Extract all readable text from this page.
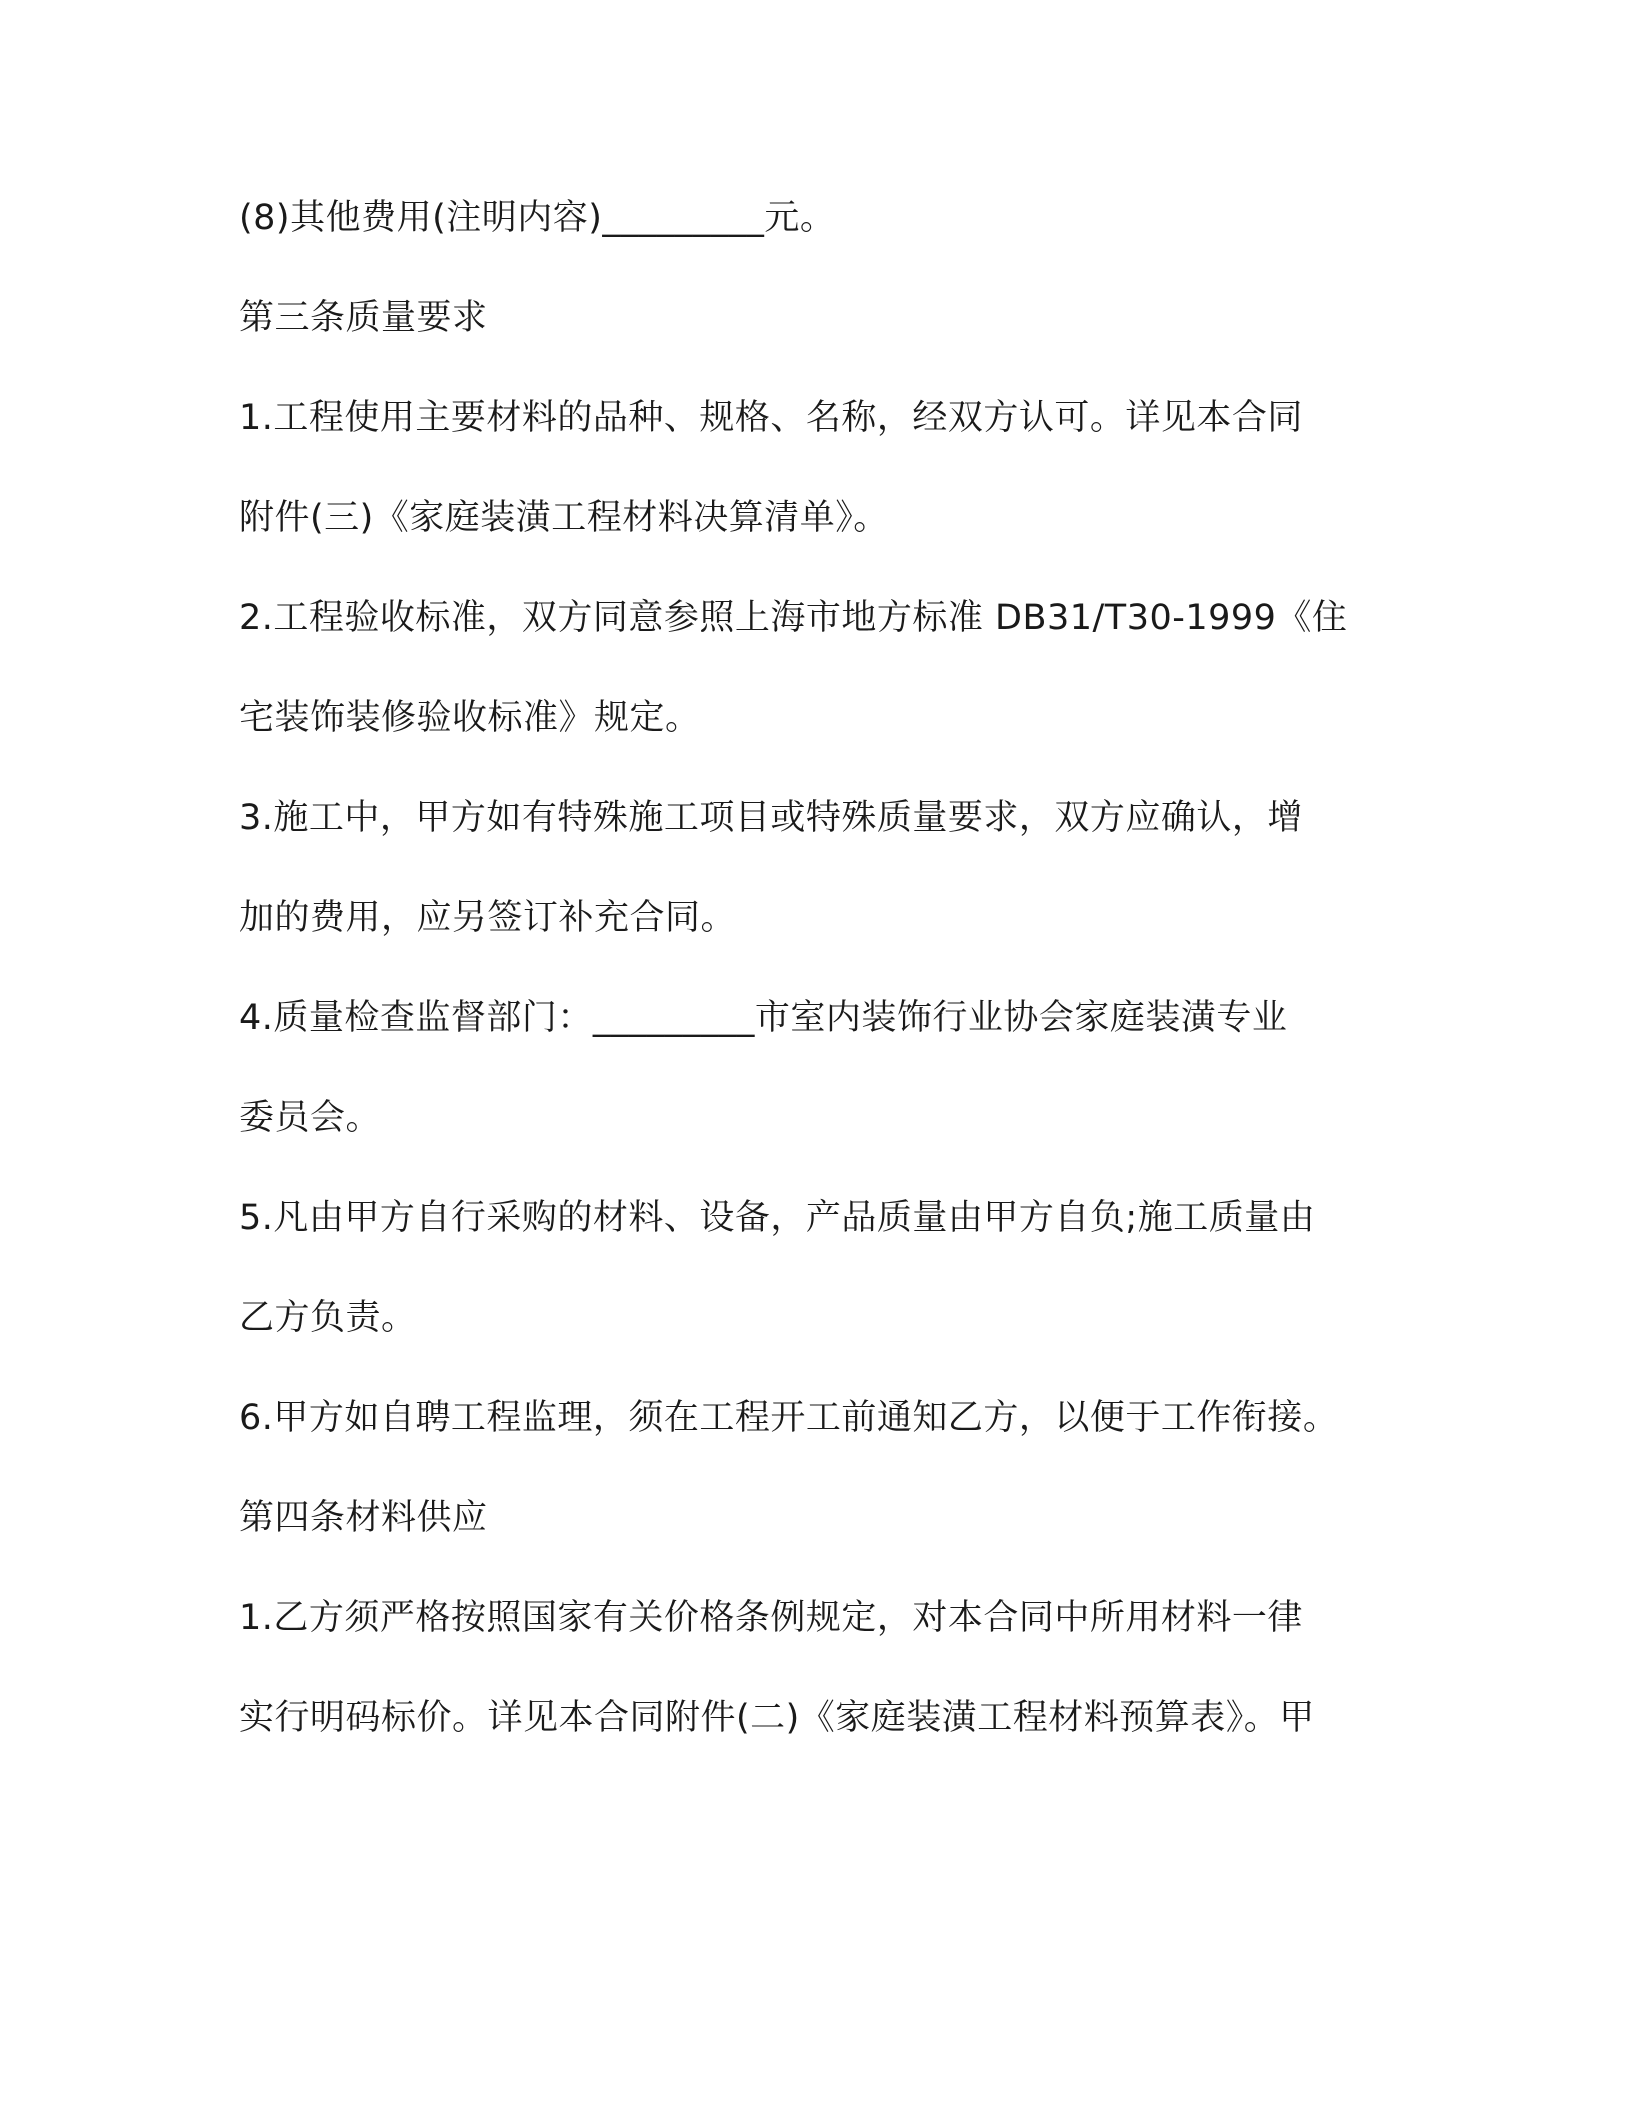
(8)其他费用(注明内容)_________元。
第三条质量要求
1.工程使用主要材料的品种、规格、名称，经双方认可。详见本合同
附件(三)《家庭装潢工程材料决算清单》。
2.工程验收标准，双方同意参照上海市地方标准 DB31/T30-1999《住
宅装饰装修验收标准》规定。
3.施工中，甲方如有特殊施工项目或特殊质量要求，双方应确认，增
加的费用，应另签订补充合同。
4.质量检查监督部门：_________市室内装饰行业协会家庭装潢专业
委员会。
5.凡由甲方自行采购的材料、设备，产品质量由甲方自负;施工质量由
乙方负责。
6.甲方如自聘工程监理，须在工程开工前通知乙方，以便于工作衔接。
第四条材料供应
1.乙方须严格按照国家有关价格条例规定，对本合同中所用材料一律
实行明码标价。详见本合同附件(二)《家庭装潢工程材料预算表》。甲
